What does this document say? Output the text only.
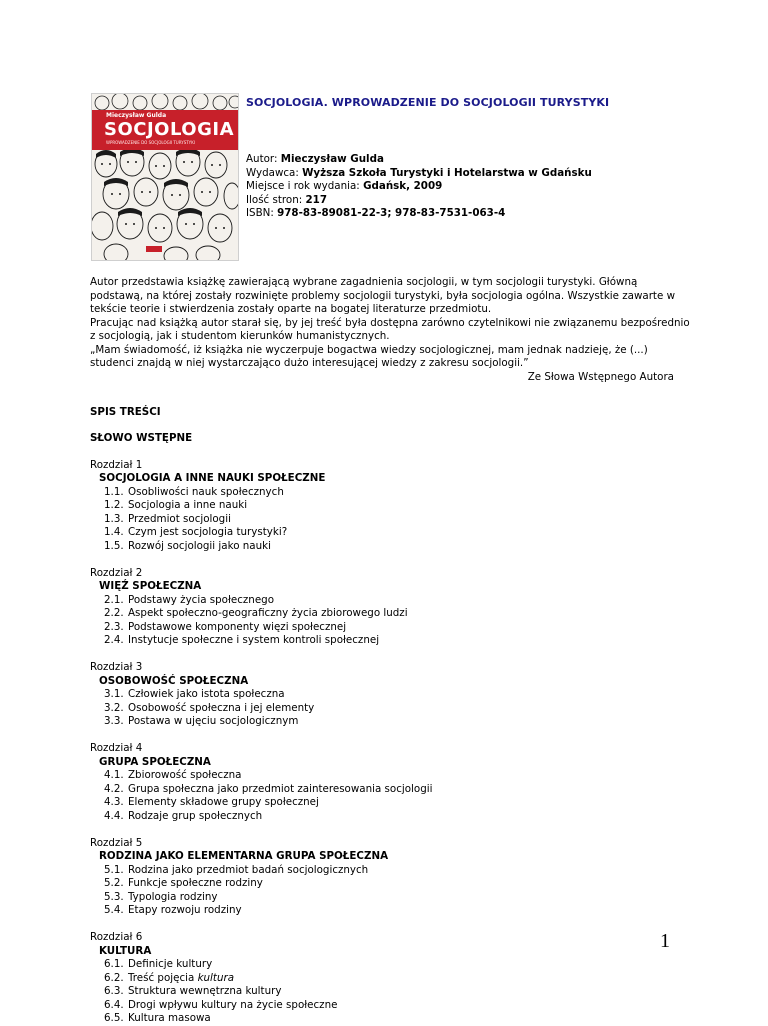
Mieczysław Gulda
SOCJOLOGIA
WPROWADZENIE DO SOCJOLOGII TURYSTYKI
SOCJOLOGIA. WPROWADZENIE DO SOCJOLOGII TURYSTYKI
Autor: Mieczysław Gulda
Wydawca: Wyższa Szkoła Turystyki i Hotelarstwa w Gdańsku
Miejsce i rok wydania: Gdańsk, 2009
Ilość stron: 217
ISBN: 978-83-89081-22-3; 978-83-7531-063-4

Autor przedstawia książkę zawierającą wybrane zagadnienia socjologii, w tym socjologii turystyki. Główną podstawą, na której zostały rozwinięte problemy socjologii turystyki, była socjologia ogólna. Wszystkie zawarte w tekście teorie i stwierdzenia zostały oparte na bogatej literaturze przedmiotu.

Pracując nad książką autor starał się, by jej treść była dostępna zarówno czytelnikowi nie związanemu bezpośrednio z socjologią, jak i studentom kierunków humanistycznych.

„Mam świadomość, iż książka nie wyczerpuje bogactwa wiedzy socjologicznej, mam jednak nadzieję, że (...) studenci znajdą w niej wystarczająco dużo interesującej wiedzy z zakresu socjologii.”

Ze Słowa Wstępnego Autora

SPIS TREŚCI

SŁOWO WSTĘPNE

Rozdział 1

SOCJOLOGIA A INNE NAUKI SPOŁECZNE

1.1. Osobliwości nauk społecznych

1.2. Socjologia a inne nauki

1.3. Przedmiot socjologii

1.4. Czym jest socjologia turystyki?

1.5. Rozwój socjologii jako nauki

Rozdział 2

WIĘŹ SPOŁECZNA

2.1. Podstawy życia społecznego

2.2. Aspekt społeczno-geograficzny życia zbiorowego ludzi

2.3. Podstawowe komponenty więzi społecznej

2.4. Instytucje społeczne i system kontroli społecznej

Rozdział 3

OSOBOWOŚĆ SPOŁECZNA

3.1. Człowiek jako istota społeczna

3.2. Osobowość społeczna i jej elementy

3.3. Postawa w ujęciu socjologicznym

Rozdział 4

GRUPA SPOŁECZNA

4.1. Zbiorowość społeczna

4.2. Grupa społeczna jako przedmiot zainteresowania socjologii

4.3. Elementy składowe grupy społecznej

4.4. Rodzaje grup społecznych

Rozdział 5

RODZINA JAKO ELEMENTARNA GRUPA SPOŁECZNA

5.1. Rodzina jako przedmiot badań socjologicznych

5.2. Funkcje społeczne rodziny

5.3. Typologia rodziny

5.4. Etapy rozwoju rodziny

Rozdział 6

KULTURA

6.1. Definicje kultury

6.2. Treść pojęcia kultura

6.3. Struktura wewnętrzna kultury

6.4. Drogi wpływu kultury na życie społeczne

6.5. Kultura masowa

1
